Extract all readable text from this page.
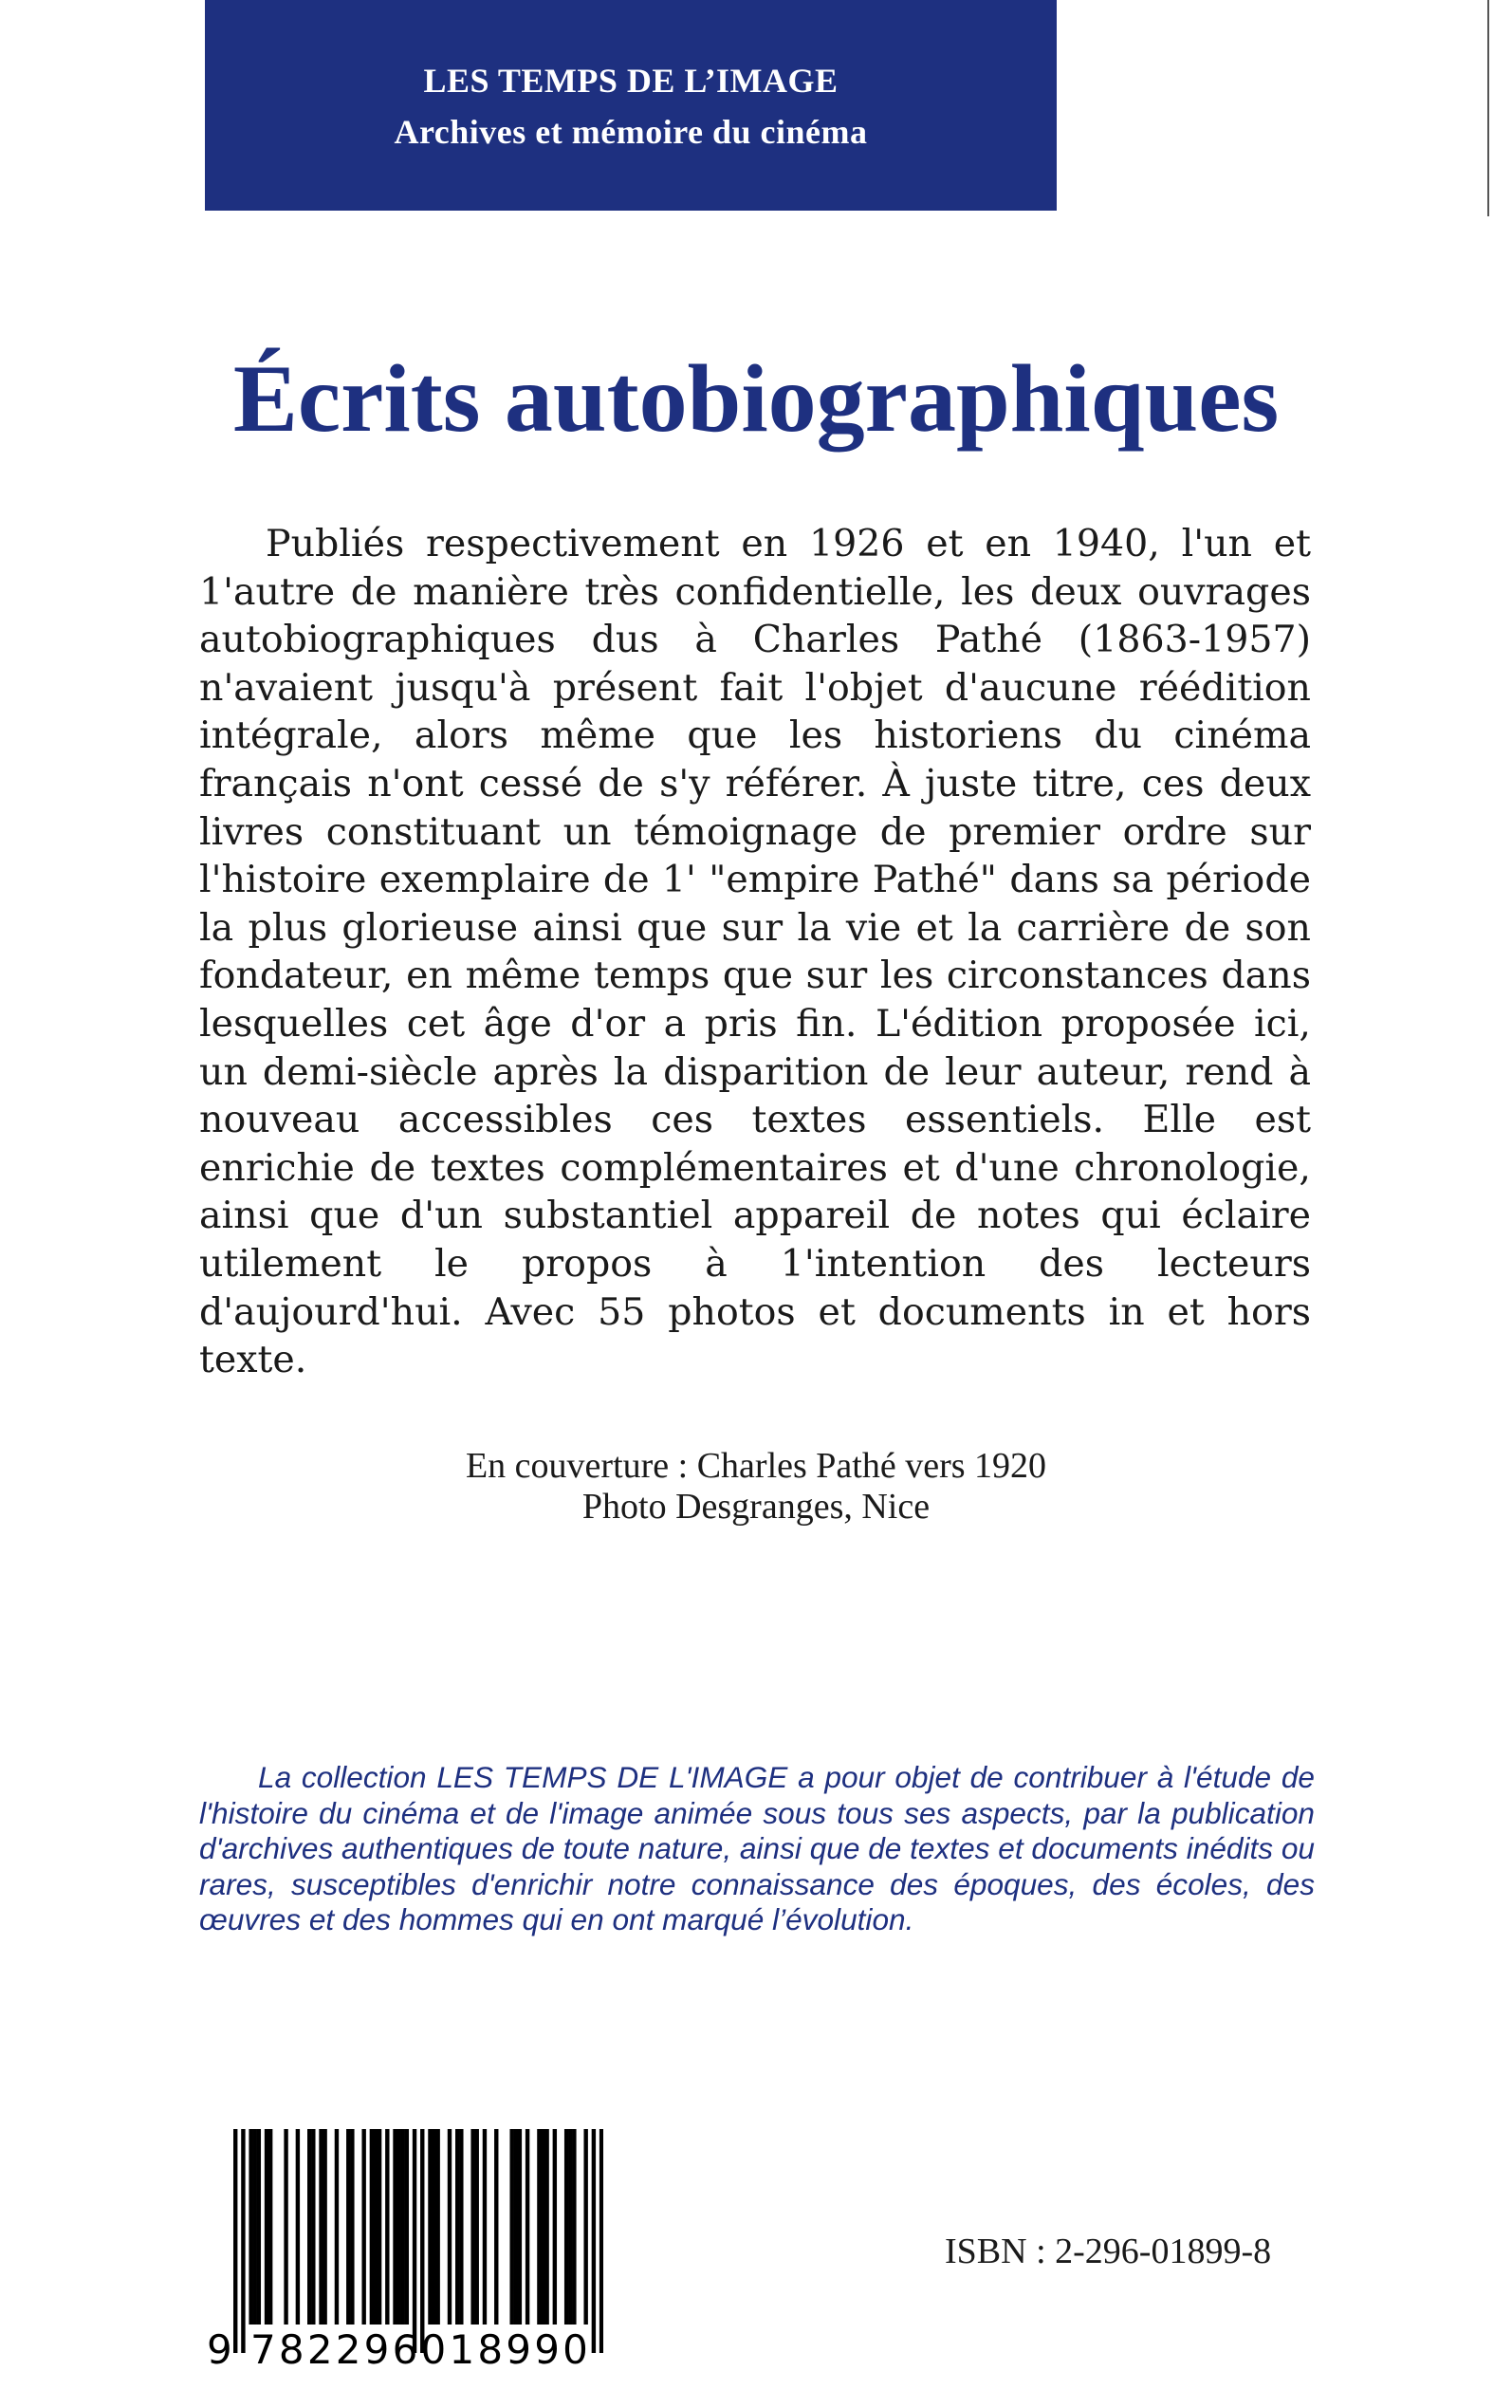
LES TEMPS DE L’IMAGE
Archives et mémoire du cinéma
Écrits autobiographiques

Publiés respectivement en 1926 et en 1940, l'un et 1'autre de manière très confidentielle, les deux ouvrages autobiographiques dus à Charles Pathé (1863-1957) n'avaient jusqu'à présent fait l'objet d'aucune réédition intégrale, alors même que les historiens du cinéma français n'ont cessé de s'y référer. À juste titre, ces deux livres constituant un témoignage de premier ordre sur l'histoire exemplaire de 1' "empire Pathé" dans sa période la plus glorieuse ainsi que sur la vie et la carrière de son fondateur, en même temps que sur les circonstances dans lesquelles cet âge d'or a pris fin. L'édition proposée ici, un demi-siècle après la disparition de leur auteur, rend à nouveau accessibles ces textes essentiels. Elle est enrichie de textes complémentaires et d'une chronologie, ainsi que d'un substantiel appareil de notes qui éclaire utilement le propos à 1'intention des lecteurs d'aujourd'hui. Avec 55 photos et documents in et hors texte.

En couverture : Charles Pathé vers 1920
Photo Desgranges, Nice

La collection LES TEMPS DE L'IMAGE a pour objet de contribuer à l'étude de l'histoire du cinéma et de l'image animée sous tous ses aspects, par la publication d'archives authentiques de toute nature, ainsi que de textes et documents inédits ou rares, susceptibles d'enrichir notre connaissance des époques, des écoles, des œuvres et des hommes qui en ont marqué l’évolution.

9 782296018990
ISBN : 2-296-01899-8
